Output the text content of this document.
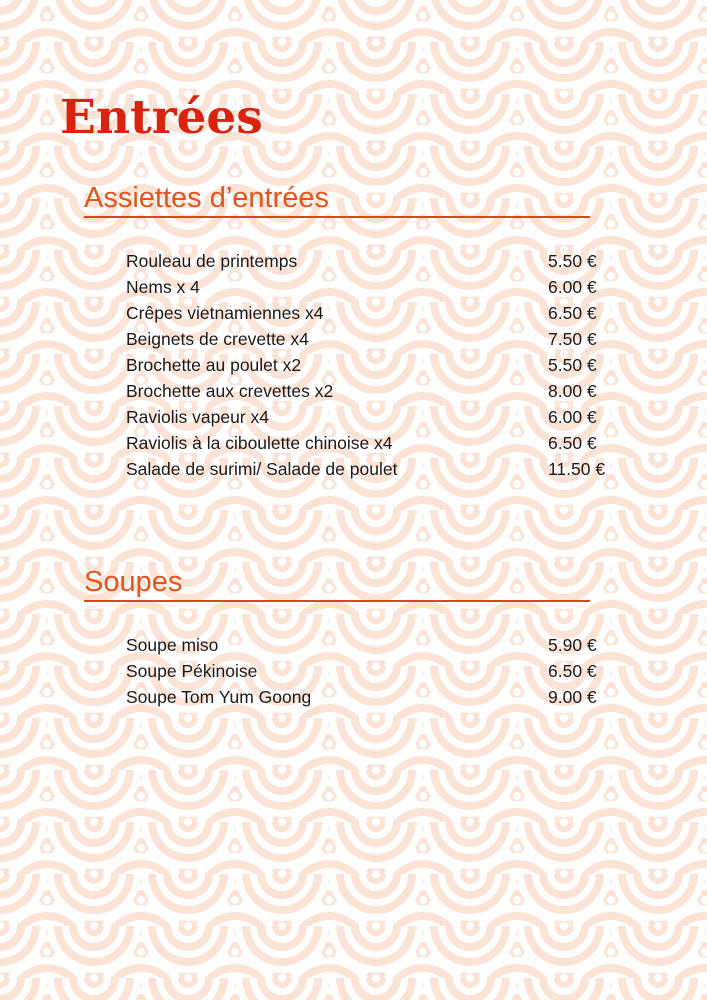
Entrées
Assiettes d’entrées
Rouleau de printemps	5.50 €
Nems x 4	6.00 €
Crêpes vietnamiennes x4	6.50 €
Beignets de crevette x4	7.50 €
Brochette au poulet x2	5.50 €
Brochette aux crevettes x2	8.00 €
Raviolis vapeur x4	6.00 €
Raviolis à la ciboulette chinoise x4	6.50 €
Salade de surimi/ Salade de poulet	11.50 €
Soupes
Soupe miso	5.90 €
Soupe Pékinoise	6.50 €
Soupe Tom Yum Goong	9.00 €
